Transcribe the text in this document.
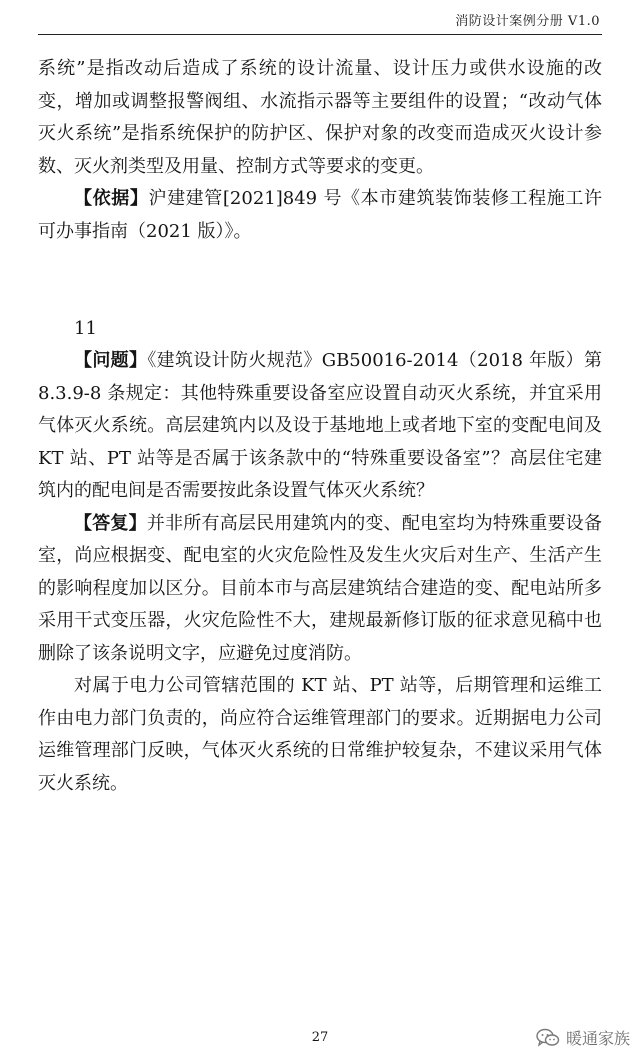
消防设计案例分册 V1.0

系统”是指改动后造成了系统的设计流量、设计压力或供水设施的改变，增加或调整报警阀组、水流指示器等主要组件的设置；“改动气体灭火系统”是指系统保护的防护区、保护对象的改变而造成灭火设计参数、灭火剂类型及用量、控制方式等要求的变更。

【依据】沪建建管[2021]849 号《本市建筑装饰装修工程施工许可办事指南（2021 版）》。

11

【问题】《建筑设计防火规范》GB50016-2014（2018 年版）第 8.3.9-8 条规定：其他特殊重要设备室应设置自动灭火系统，并宜采用气体灭火系统。高层建筑内以及设于基地地上或者地下室的变配电间及 KT 站、PT 站等是否属于该条款中的“特殊重要设备室”？高层住宅建筑内的配电间是否需要按此条设置气体灭火系统？

【答复】并非所有高层民用建筑内的变、配电室均为特殊重要设备室，尚应根据变、配电室的火灾危险性及发生火灾后对生产、生活产生的影响程度加以区分。目前本市与高层建筑结合建造的变、配电站所多采用干式变压器，火灾危险性不大，建规最新修订版的征求意见稿中也删除了该条说明文字，应避免过度消防。

对属于电力公司管辖范围的 KT 站、PT 站等，后期管理和运维工作由电力部门负责的，尚应符合运维管理部门的要求。近期据电力公司运维管理部门反映，气体灭火系统的日常维护较复杂，不建议采用气体灭火系统。

27	暖通家族
